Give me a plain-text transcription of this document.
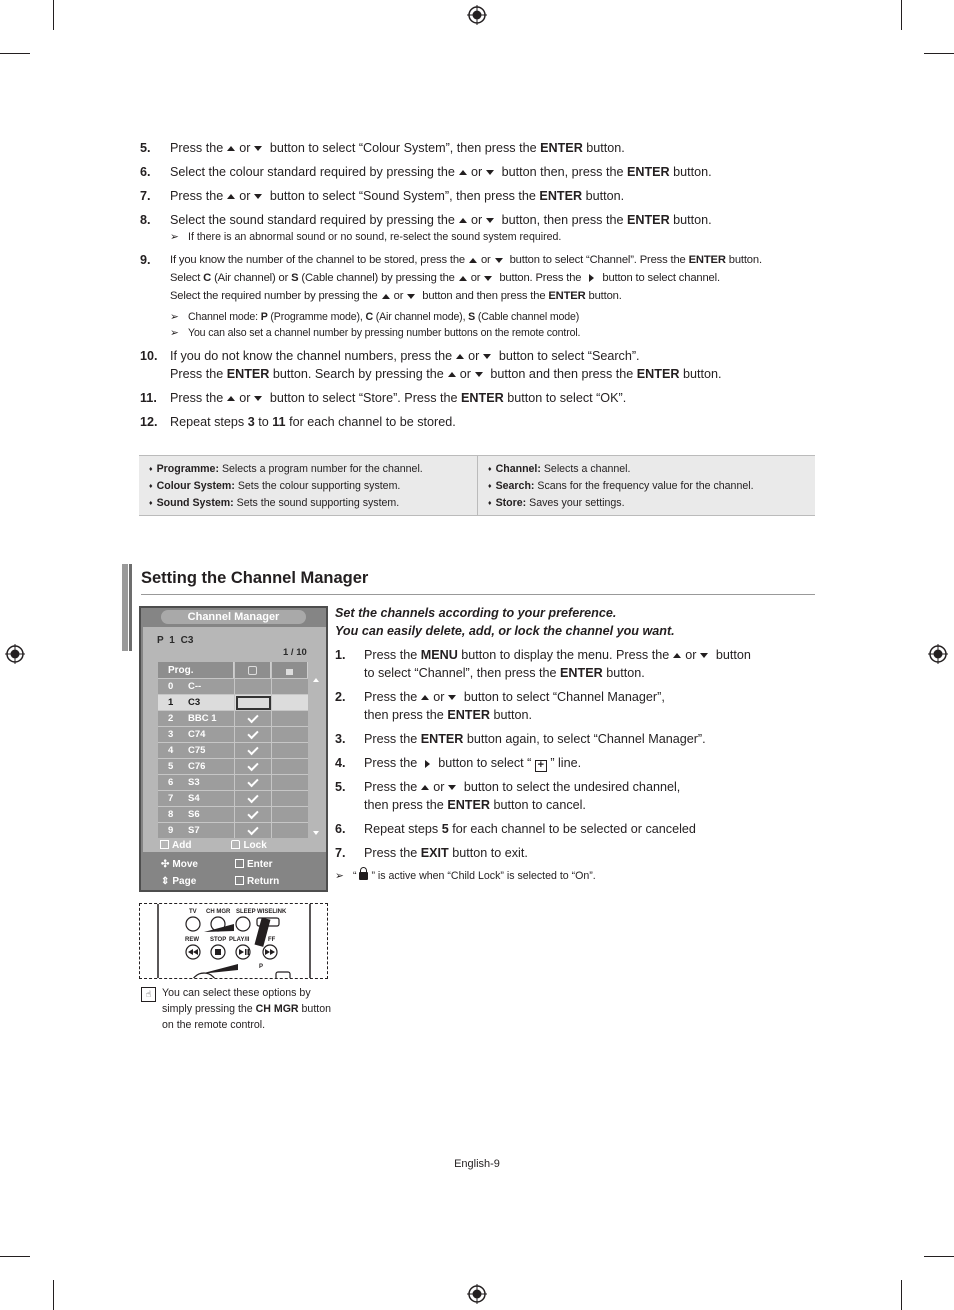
5.	Press the or button to select “Colour System”, then press the ENTER button.
6.	Select the colour standard required by pressing the or button then, press the ENTER button.
7.	Press the or button to select “Sound System”, then press the ENTER button.
8.	Select the sound standard required by pressing the or button, then press the ENTER button.
➢ If there is an abnormal sound or no sound, re-select the sound system required.
9.	If you know the number of the channel to be stored, press the or button to select “Channel”. Press the ENTER button.
Select C (Air channel) or S (Cable channel) by pressing the or button. Press the button to select channel.
Select the required number by pressing the or button and then press the ENTER button.
➢ Channel mode: P (Programme mode), C (Air channel mode), S (Cable channel mode)
➢ You can also set a channel number by pressing number buttons on the remote control.
10. If you do not know the channel numbers, press the or button to select “Search”.
Press the ENTER button. Search by pressing the or button and then press the ENTER button.
11.	Press the or button to select “Store”. Press the ENTER button to select “OK”.
12. Repeat steps 3 to 11 for each channel to be stored.
♦ Programme: Selects a program number for the channel.
♦ Colour System: Sets the colour supporting system.
♦ Sound System: Sets the sound supporting system.
♦ Channel: Selects a channel.
♦ Search: Scans for the frequency value for the channel.
♦ Store: Saves your settings.
Setting the Channel Manager
Channel Manager
P 1 C3
1 / 10
Prog.
0	C--
1	C3
2	BBC 1
3	C74
4	C75
5	C76
6	S3
7	S4
8	S6
9	S7
Add	Lock
✣ Move	Enter
⇕ Page	Return
TV CH MGR SLEEP WISELINK
REW STOP PLAY/II	FF
P
☝	You can select these options by simply pressing the CH MGR button on the remote control.
Set the channels according to your preference.
You can easily delete, add, or lock the channel you want.
1.	Press the MENU button to display the menu. Press the or button
to select “Channel”, then press the ENTER button.
2.	Press the or button to select “Channel Manager”,
then press the ENTER button.
3.	Press the ENTER button again, to select “Channel Manager”.
4.	Press the button to select “ + ” line.
5.	Press the or button to select the undesired channel,
then press the ENTER button to cancel.
6.	Repeat steps 5 for each channel to be selected or canceled
7.	Press the EXIT button to exit.
➢ “ ” is active when “Child Lock” is selected to “On”.
English-9
